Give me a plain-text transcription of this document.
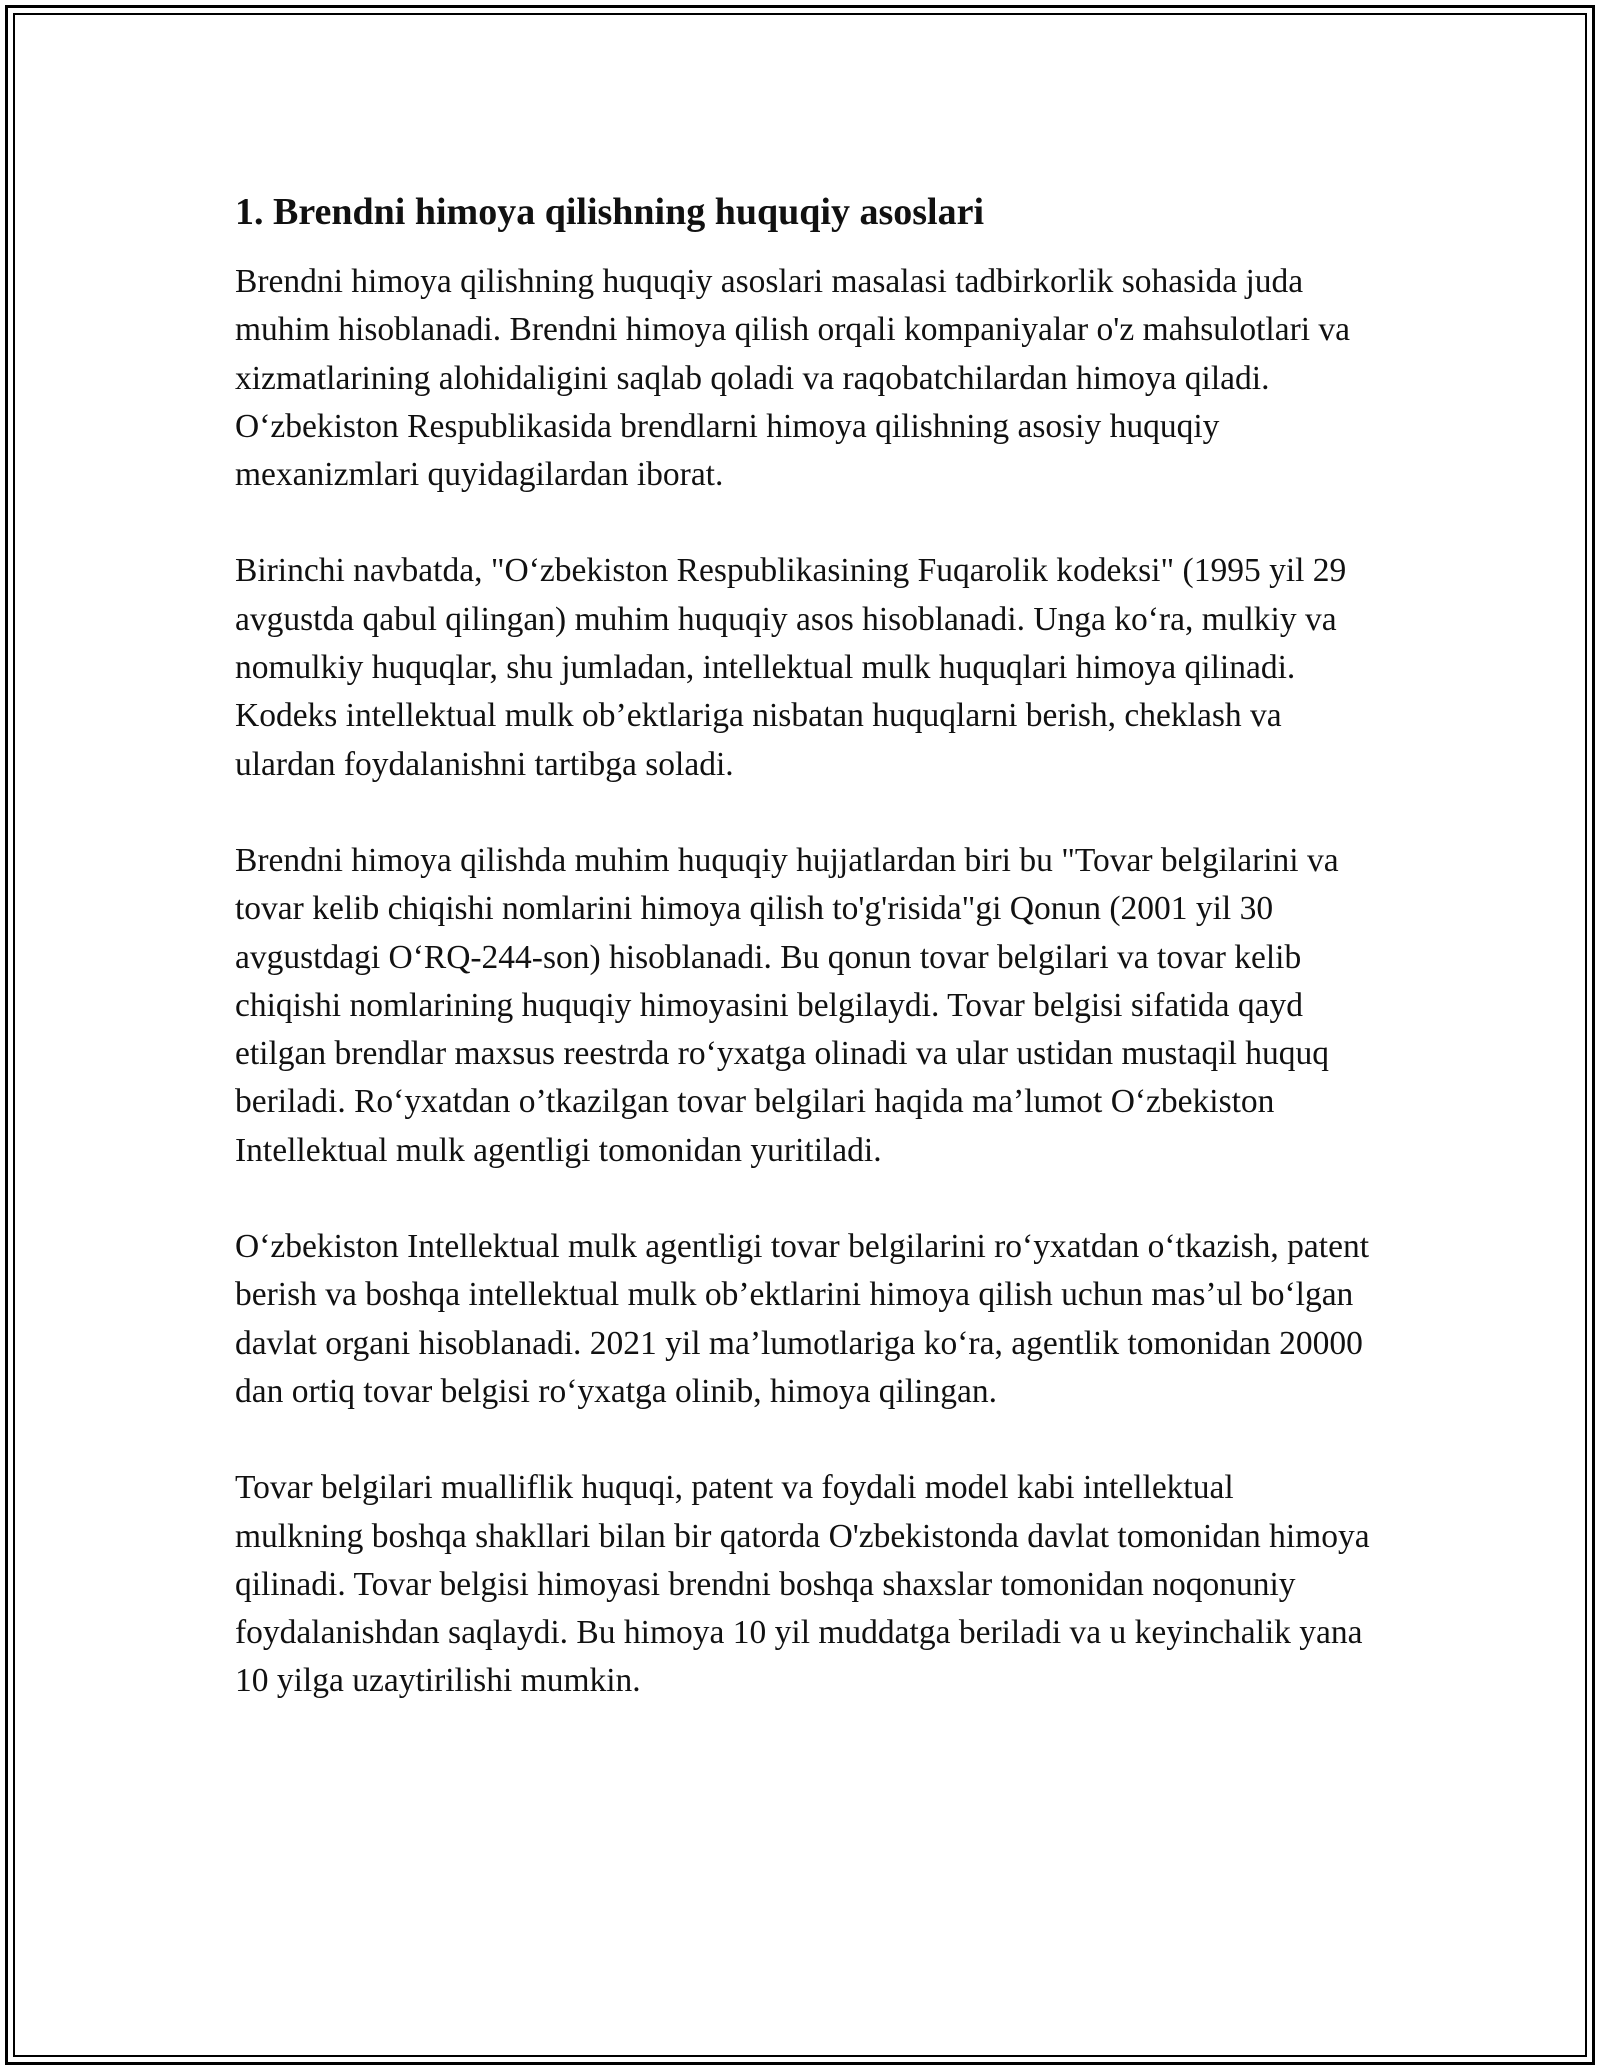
1. Brendni himoya qilishning huquqiy asoslari

Brendni himoya qilishning huquqiy asoslari masalasi tadbirkorlik sohasida juda muhim hisoblanadi. Brendni himoya qilish orqali kompaniyalar o'z mahsulotlari va xizmatlarining alohidaligini saqlab qoladi va raqobatchilardan himoya qiladi. O‘zbekiston Respublikasida brendlarni himoya qilishning asosiy huquqiy mexanizmlari quyidagilardan iborat.

Birinchi navbatda, "O‘zbekiston Respublikasining Fuqarolik kodeksi" (1995 yil 29 avgustda qabul qilingan) muhim huquqiy asos hisoblanadi. Unga ko‘ra, mulkiy va nomulkiy huquqlar, shu jumladan, intellektual mulk huquqlari himoya qilinadi. Kodeks intellektual mulk ob’ektlariga nisbatan huquqlarni berish, cheklash va ulardan foydalanishni tartibga soladi.

Brendni himoya qilishda muhim huquqiy hujjatlardan biri bu "Tovar belgilarini va tovar kelib chiqishi nomlarini himoya qilish to'g'risida"gi Qonun (2001 yil 30 avgustdagi O‘RQ-244-son) hisoblanadi. Bu qonun tovar belgilari va tovar kelib chiqishi nomlarining huquqiy himoyasini belgilaydi. Tovar belgisi sifatida qayd etilgan brendlar maxsus reestrda ro‘yxatga olinadi va ular ustidan mustaqil huquq beriladi. Ro‘yxatdan o’tkazilgan tovar belgilari haqida ma’lumot O‘zbekiston Intellektual mulk agentligi tomonidan yuritiladi.

O‘zbekiston Intellektual mulk agentligi tovar belgilarini ro‘yxatdan o‘tkazish, patent berish va boshqa intellektual mulk ob’ektlarini himoya qilish uchun mas’ul bo‘lgan davlat organi hisoblanadi. 2021 yil ma’lumotlariga ko‘ra, agentlik tomonidan 20000 dan ortiq tovar belgisi ro‘yxatga olinib, himoya qilingan.

Tovar belgilari mualliflik huquqi, patent va foydali model kabi intellektual mulkning boshqa shakllari bilan bir qatorda O'zbekistonda davlat tomonidan himoya qilinadi. Tovar belgisi himoyasi brendni boshqa shaxslar tomonidan noqonuniy foydalanishdan saqlaydi. Bu himoya 10 yil muddatga beriladi va u keyinchalik yana 10 yilga uzaytirilishi mumkin.
